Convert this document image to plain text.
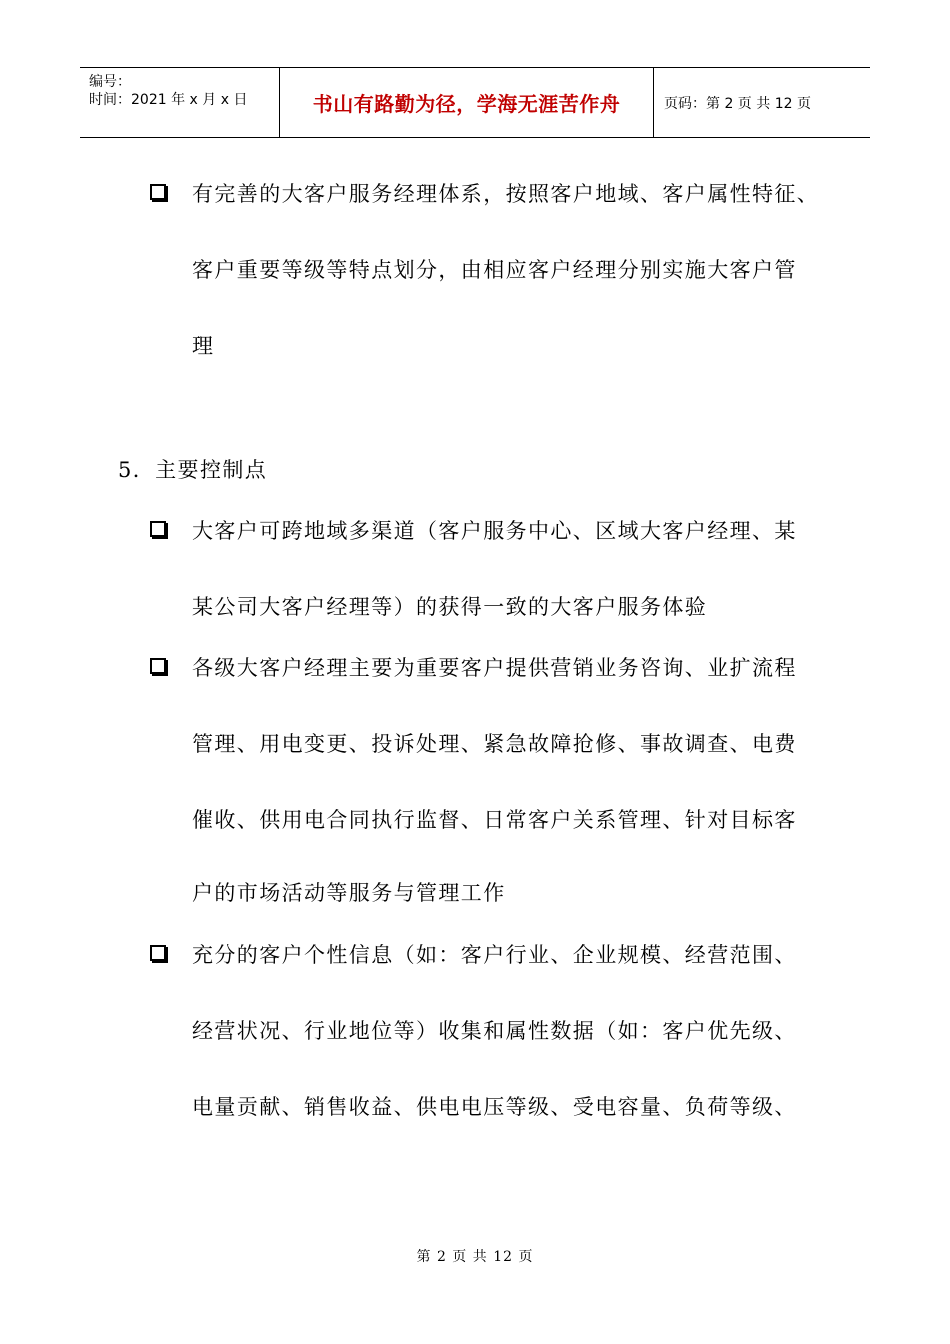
编号：
时间：2021 年 x 月 x 日	书山有路勤为径，学海无涯苦作舟	页码：第 2 页 共 12 页
有完善的大客户服务经理体系，按照客户地域、客户属性特征、
客户重要等级等特点划分，由相应客户经理分别实施大客户管
理
5．主要控制点
大客户可跨地域多渠道（客户服务中心、区域大客户经理、某
某公司大客户经理等）的获得一致的大客户服务体验
各级大客户经理主要为重要客户提供营销业务咨询、业扩流程
管理、用电变更、投诉处理、紧急故障抢修、事故调查、电费
催收、供用电合同执行监督、日常客户关系管理、针对目标客
户的市场活动等服务与管理工作
充分的客户个性信息（如：客户行业、企业规模、经营范围、
经营状况、行业地位等）收集和属性数据（如：客户优先级、
电量贡献、销售收益、供电电压等级、受电容量、负荷等级、
第 2 页 共 12 页
